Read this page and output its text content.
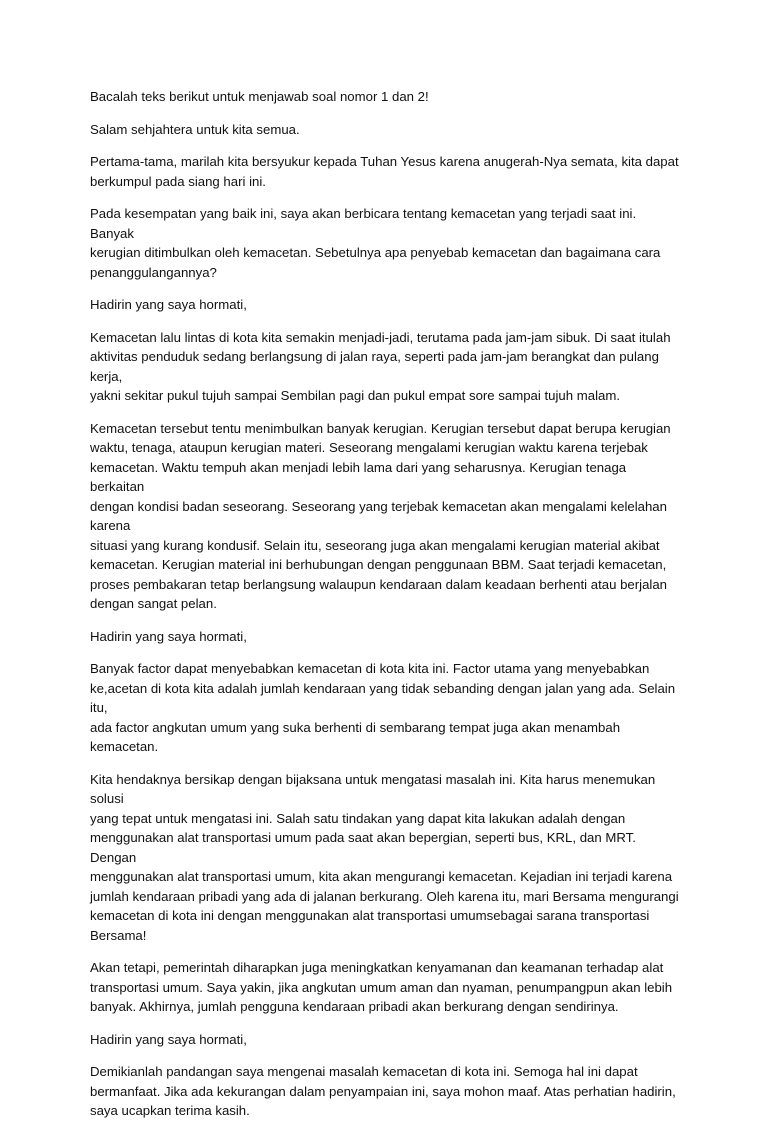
Bacalah teks berikut untuk menjawab soal nomor 1 dan 2!

Salam sehjahtera untuk kita semua.

Pertama-tama, marilah kita bersyukur kepada Tuhan Yesus karena anugerah-Nya semata, kita dapat
berkumpul pada siang hari ini.

Pada kesempatan yang baik ini, saya akan berbicara tentang kemacetan yang terjadi saat ini. Banyak
kerugian ditimbulkan oleh kemacetan. Sebetulnya apa penyebab kemacetan dan bagaimana cara
penanggulangannya?

Hadirin yang saya hormati,

Kemacetan lalu lintas di kota kita semakin menjadi-jadi, terutama pada jam-jam sibuk. Di saat itulah
aktivitas penduduk sedang berlangsung di jalan raya, seperti pada jam-jam berangkat dan pulang kerja,
yakni sekitar pukul tujuh sampai Sembilan pagi dan pukul empat sore sampai tujuh malam.

Kemacetan tersebut tentu menimbulkan banyak kerugian. Kerugian tersebut dapat berupa kerugian
waktu, tenaga, ataupun kerugian materi. Seseorang mengalami kerugian waktu karena terjebak
kemacetan. Waktu tempuh akan menjadi lebih lama dari yang seharusnya. Kerugian tenaga berkaitan
dengan kondisi badan seseorang. Seseorang yang terjebak kemacetan akan mengalami kelelahan karena
situasi yang kurang kondusif. Selain itu, seseorang juga akan mengalami kerugian material akibat
kemacetan. Kerugian material ini berhubungan dengan penggunaan BBM. Saat terjadi kemacetan,
proses pembakaran tetap berlangsung walaupun kendaraan dalam keadaan berhenti atau berjalan
dengan sangat pelan.

Hadirin yang saya hormati,

Banyak factor dapat menyebabkan kemacetan di kota kita ini. Factor utama yang menyebabkan
ke,acetan di kota kita adalah jumlah kendaraan yang tidak sebanding dengan jalan yang ada. Selain itu,
ada factor angkutan umum yang suka berhenti di sembarang tempat juga akan menambah kemacetan.

Kita hendaknya bersikap dengan bijaksana untuk mengatasi masalah ini. Kita harus menemukan solusi
yang tepat untuk mengatasi ini. Salah satu tindakan yang dapat kita lakukan adalah dengan
menggunakan alat transportasi umum pada saat akan bepergian, seperti bus, KRL, dan MRT. Dengan
menggunakan alat transportasi umum, kita akan mengurangi kemacetan. Kejadian ini terjadi karena
jumlah kendaraan pribadi yang ada di jalanan berkurang. Oleh karena itu, mari Bersama mengurangi
kemacetan di kota ini dengan menggunakan alat transportasi umumsebagai sarana transportasi
Bersama!

Akan tetapi, pemerintah diharapkan juga meningkatkan kenyamanan dan keamanan terhadap alat
transportasi umum. Saya yakin, jika angkutan umum aman dan nyaman, penumpangpun akan lebih
banyak. Akhirnya, jumlah pengguna kendaraan pribadi akan berkurang dengan sendirinya.

Hadirin yang saya hormati,

Demikianlah pandangan saya mengenai masalah kemacetan di kota ini. Semoga hal ini dapat
bermanfaat. Jika ada kekurangan dalam penyampaian ini, saya mohon maaf. Atas perhatian hadirin,
saya ucapkan terima kasih.
